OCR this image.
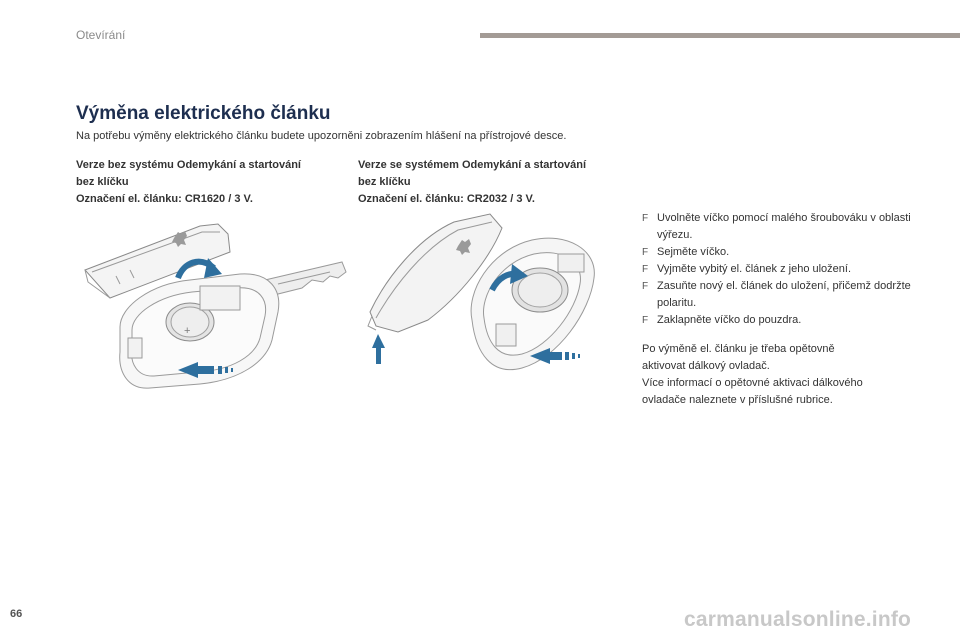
Otevírání
Výměna elektrického článku
Na potřebu výměny elektrického článku budete upozorněni zobrazením hlášení na přístrojové desce.
Verze bez systému Odemykání a startování
bez klíčku
Označení el. článku: CR1620 / 3 V.
Verze se systémem Odemykání a startování
bez klíčku
Označení el. článku: CR2032 / 3 V.
+
F Uvolněte víčko pomocí malého šroubováku v oblasti výřezu.
F Sejměte víčko.
F Vyjměte vybitý el. článek z jeho uložení.
F Zasuňte nový el. článek do uložení, přičemž dodržte polaritu.
F Zaklapněte víčko do pouzdra.
Po výměně el. článku je třeba opětovně
aktivovat dálkový ovladač.
Více informací o opětovné aktivaci dálkového
ovladače naleznete v příslušné rubrice.
66	carmanualsonline.info
